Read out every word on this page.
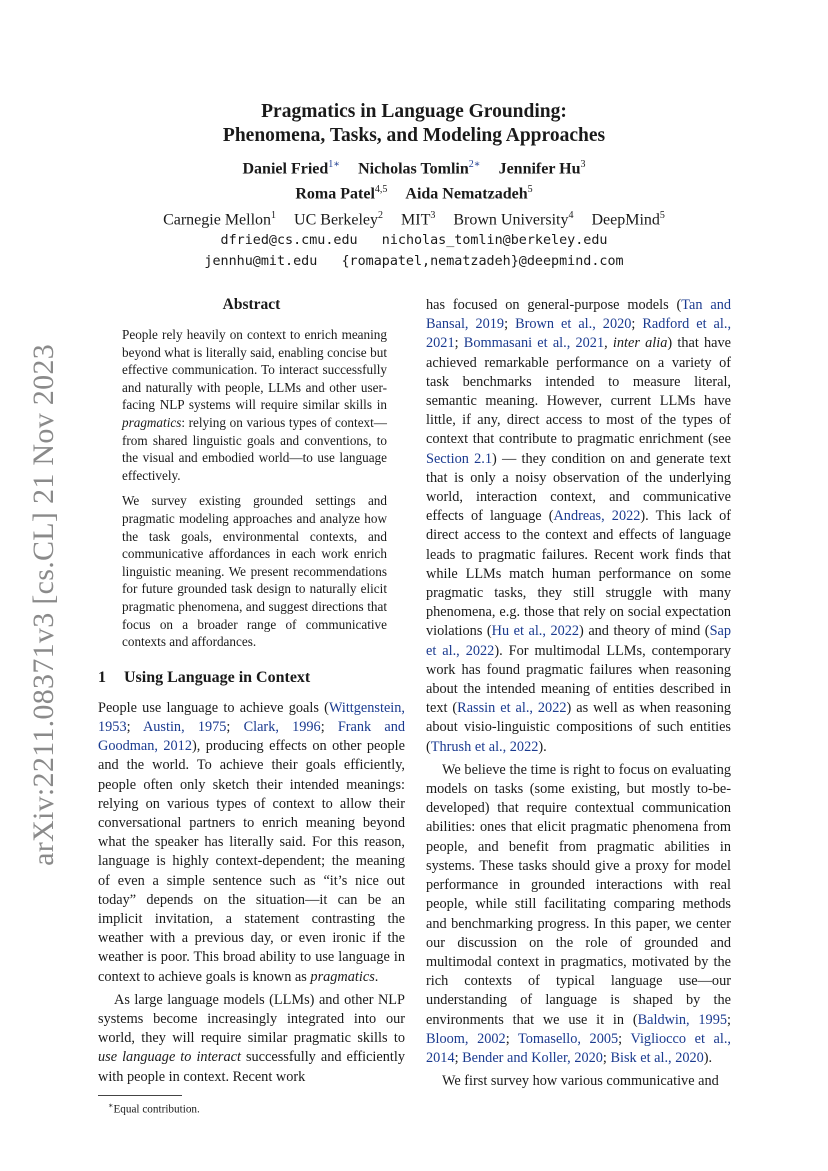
arXiv:2211.08371v3 [cs.CL] 21 Nov 2023
Pragmatics in Language Grounding:
Phenomena, Tasks, and Modeling Approaches
Daniel Fried$^{1∗}$ Nicholas Tomlin$^{2∗}$ Jennifer Hu$^3$
Roma Patel$^{4,5}$ Aida Nematzadeh$^5$
Carnegie Mellon$^1$ UC Berkeley$^2$ MIT$^3$ Brown University$^4$ DeepMind$^5$
dfried@cs.cmu.edu   nicholas_tomlin@berkeley.edu
jennhu@mit.edu   {romapatel,nematzadeh}@deepmind.com
Abstract

People rely heavily on context to enrich meaning beyond what is literally said, enabling concise but effective communication. To interact successfully and naturally with people, LLMs and other user-facing NLP systems will require similar skills in pragmatics: relying on various types of context—from shared linguistic goals and conventions, to the visual and embodied world—to use language effectively.

We survey existing grounded settings and pragmatic modeling approaches and analyze how the task goals, environmental contexts, and communicative affordances in each work enrich linguistic meaning. We present recommendations for future grounded task design to naturally elicit pragmatic phenomena, and suggest directions that focus on a broader range of communicative contexts and affordances.

1 Using Language in Context

People use language to achieve goals (Wittgenstein, 1953; Austin, 1975; Clark, 1996; Frank and Goodman, 2012), producing effects on other people and the world. To achieve their goals efficiently, people often only sketch their intended meanings: relying on various types of context to allow their conversational partners to enrich meaning beyond what the speaker has literally said. For this reason, language is highly context-dependent; the meaning of even a simple sentence such as “it’s nice out today” depends on the situation—it can be an implicit invitation, a statement contrasting the weather with a previous day, or even ironic if the weather is poor. This broad ability to use language in context to achieve goals is known as pragmatics.

As large language models (LLMs) and other NLP systems become increasingly integrated into our world, they will require similar pragmatic skills to use language to interact successfully and efficiently with people in context. Recent work

∗Equal contribution.

has focused on general-purpose models (Tan and Bansal, 2019; Brown et al., 2020; Radford et al., 2021; Bommasani et al., 2021, inter alia) that have achieved remarkable performance on a variety of task benchmarks intended to measure literal, semantic meaning. However, current LLMs have little, if any, direct access to most of the types of context that contribute to pragmatic enrichment (see Section 2.1) — they condition on and generate text that is only a noisy observation of the underlying world, interaction context, and communicative effects of language (Andreas, 2022). This lack of direct access to the context and effects of language leads to pragmatic failures. Recent work finds that while LLMs match human performance on some pragmatic tasks, they still struggle with many phenomena, e.g. those that rely on social expectation violations (Hu et al., 2022) and theory of mind (Sap et al., 2022). For multimodal LLMs, contemporary work has found pragmatic failures when reasoning about the intended meaning of entities described in text (Rassin et al., 2022) as well as when reasoning about visio-linguistic compositions of such entities (Thrush et al., 2022).

We believe the time is right to focus on evaluating models on tasks (some existing, but mostly to-be-developed) that require contextual communication abilities: ones that elicit pragmatic phenomena from people, and benefit from pragmatic abilities in systems. These tasks should give a proxy for model performance in grounded interactions with real people, while still facilitating comparing methods and benchmarking progress. In this paper, we center our discussion on the role of grounded and multimodal context in pragmatics, motivated by the rich contexts of typical language use—our understanding of language is shaped by the environments that we use it in (Baldwin, 1995; Bloom, 2002; Tomasello, 2005; Vigliocco et al., 2014; Bender and Koller, 2020; Bisk et al., 2020).

We first survey how various communicative and
